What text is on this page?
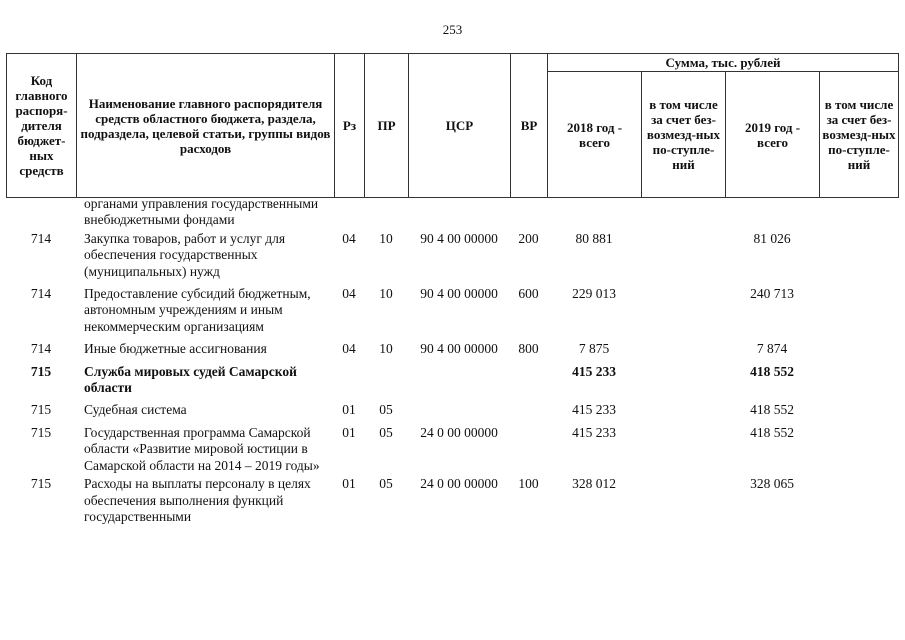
253
Код главного распоря-дителя бюджет-ных средств	Наименование главного распорядителя средств областного бюджета, раздела, подраздела, целевой статьи, группы видов расходов	Рз	ПР	ЦСР	ВР	Сумма, тыс. рублей			
						2018 год - всего	в том числе за счет без-возмезд-ных по-ступле-ний	2019 год - всего	в том числе за счет без-возмезд-ных по-ступле-ний
	органами управления государственными внебюджетными фондами								
714	Закупка товаров, работ и услуг для обеспечения государственных (муниципальных) нужд	04	10	90 4 00 00000	200	80 881		81 026	
714	Предоставление субсидий бюджетным, автономным учреждениям и иным некоммерческим организациям	04	10	90 4 00 00000	600	229 013		240 713	
714	Иные бюджетные ассигнования	04	10	90 4 00 00000	800	7 875		7 874	
715	Служба мировых судей Самарской области					415 233		418 552	
715	Судебная система	01	05			415 233		418 552	
715	Государственная программа Самарской области «Развитие мировой юстиции в Самарской области на 2014 – 2019 годы»	01	05	24 0 00 00000		415 233		418 552	
715	Расходы на выплаты персоналу в целях обеспечения выполнения функций государственными	01	05	24 0 00 00000	100	328 012		328 065	
